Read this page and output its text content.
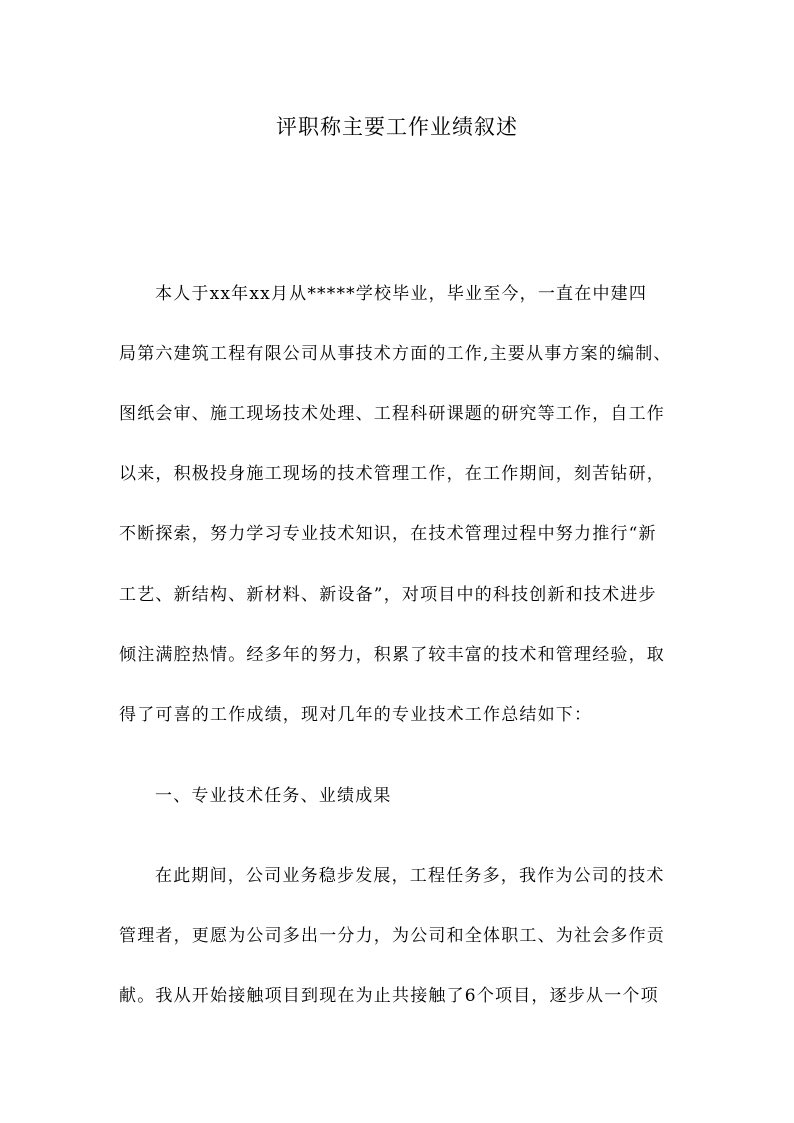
评职称主要工作业绩叙述
本人于xx年xx月从*****学校毕业，毕业至今，一直在中建四
局第六建筑工程有限公司从事技术方面的工作,主要从事方案的编制、
图纸会审、施工现场技术处理、工程科研课题的研究等工作，自工作
以来，积极投身施工现场的技术管理工作，在工作期间，刻苦钻研，
不断探索，努力学习专业技术知识，在技术管理过程中努力推行“新
工艺、新结构、新材料、新设备”，对项目中的科技创新和技术进步
倾注满腔热情。经多年的努力，积累了较丰富的技术和管理经验，取
得了可喜的工作成绩，现对几年的专业技术工作总结如下：
一、专业技术任务、业绩成果
在此期间，公司业务稳步发展，工程任务多，我作为公司的技术
管理者，更愿为公司多出一分力，为公司和全体职工、为社会多作贡
献。我从开始接触项目到现在为止共接触了6个项目，逐步从一个项
